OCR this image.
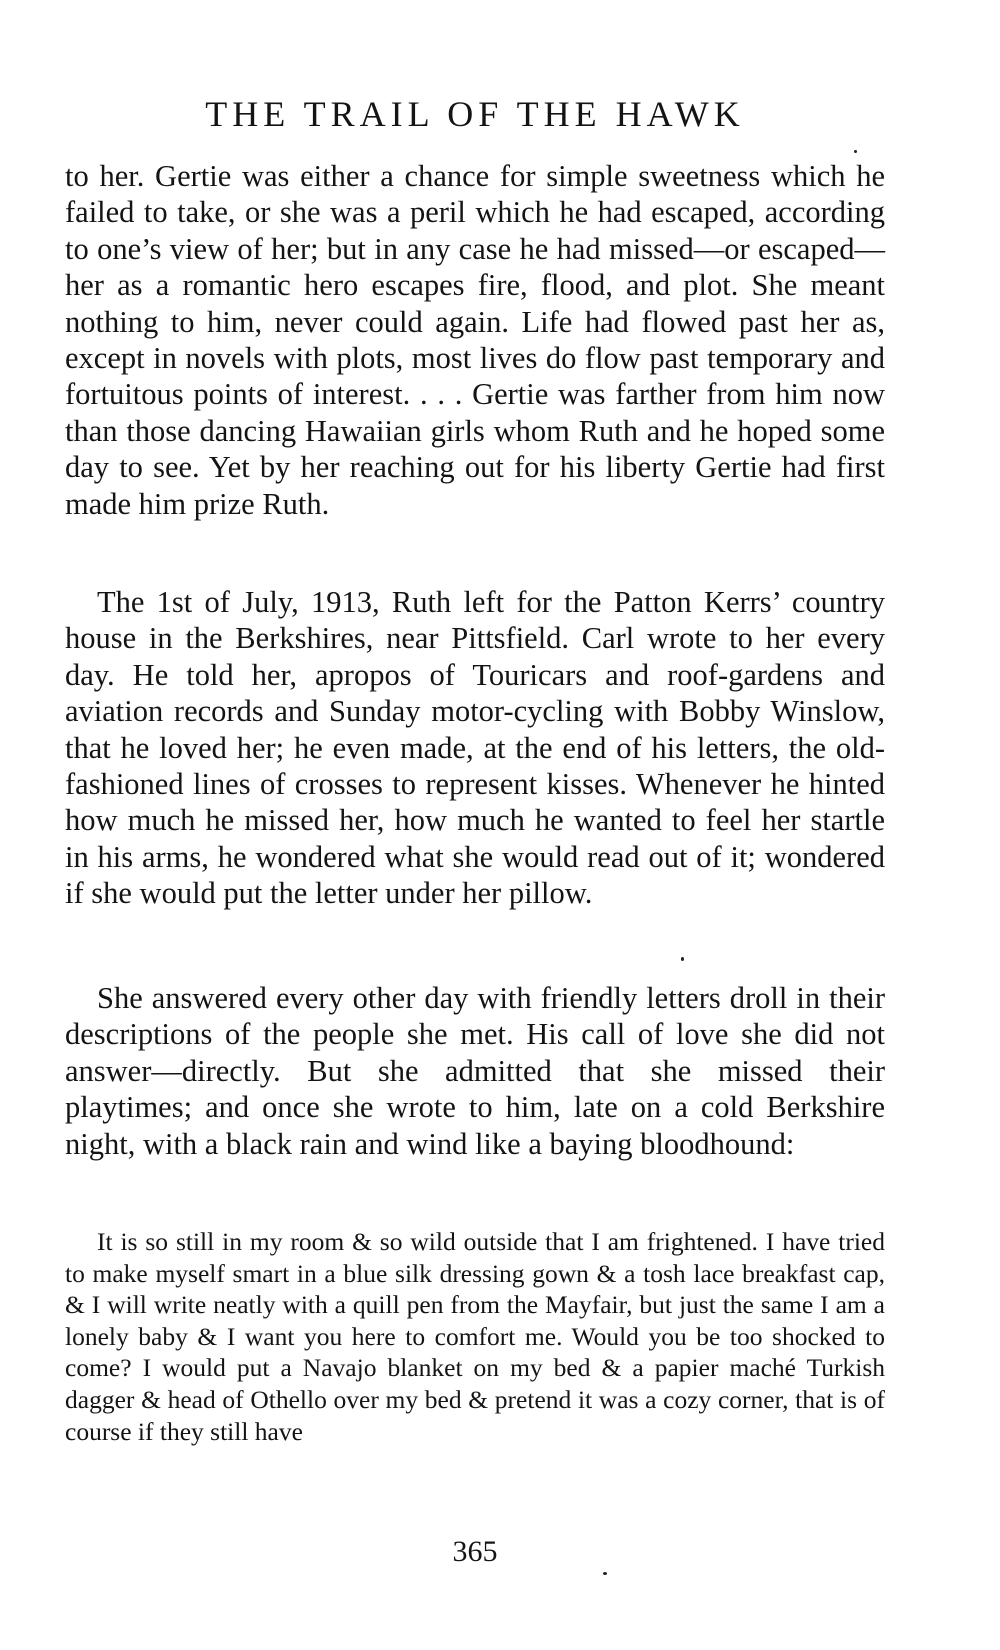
THE TRAIL OF THE HAWK

to her. Gertie was either a chance for simple sweetness which he failed to take, or she was a peril which he had escaped, according to one’s view of her; but in any case he had missed—or escaped—her as a romantic hero escapes fire, flood, and plot. She meant nothing to him, never could again. Life had flowed past her as, except in novels with plots, most lives do flow past temporary and fortuitous points of interest. . . . Gertie was farther from him now than those dancing Hawaiian girls whom Ruth and he hoped some day to see. Yet by her reaching out for his liberty Gertie had first made him prize Ruth.

The 1st of July, 1913, Ruth left for the Patton Kerrs’ country house in the Berkshires, near Pittsfield. Carl wrote to her every day. He told her, apropos of Touricars and roof-gardens and aviation records and Sunday motor-cycling with Bobby Winslow, that he loved her; he even made, at the end of his letters, the old-fashioned lines of crosses to represent kisses. Whenever he hinted how much he missed her, how much he wanted to feel her startle in his arms, he wondered what she would read out of it; wondered if she would put the letter under her pillow.

She answered every other day with friendly letters droll in their descriptions of the people she met. His call of love she did not answer—directly. But she admitted that she missed their playtimes; and once she wrote to him, late on a cold Berkshire night, with a black rain and wind like a baying bloodhound:

It is so still in my room & so wild outside that I am frightened. I have tried to make myself smart in a blue silk dressing gown & a tosh lace breakfast cap, & I will write neatly with a quill pen from the Mayfair, but just the same I am a lonely baby & I want you here to comfort me. Would you be too shocked to come? I would put a Navajo blanket on my bed & a papier maché Turkish dagger & head of Othello over my bed & pretend it was a cozy corner, that is of course if they still have

365
